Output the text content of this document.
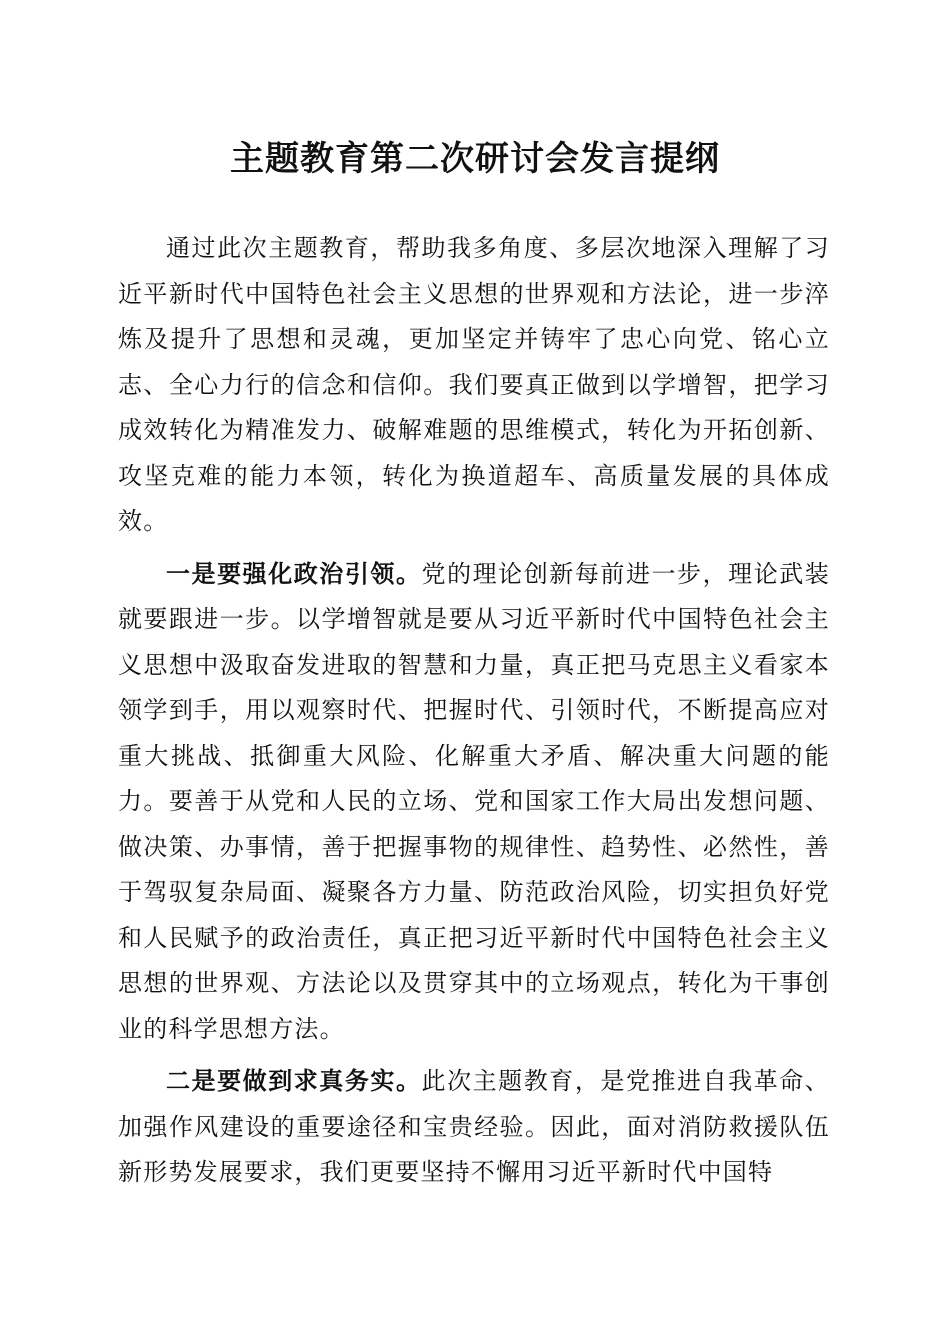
主题教育第二次研讨会发言提纲

通过此次主题教育，帮助我多角度、多层次地深入理解了习近平新时代中国特色社会主义思想的世界观和方法论，进一步淬炼及提升了思想和灵魂，更加坚定并铸牢了忠心向党、铭心立志、全心力行的信念和信仰。我们要真正做到以学增智，把学习成效转化为精准发力、破解难题的思维模式，转化为开拓创新、攻坚克难的能力本领，转化为换道超车、高质量发展的具体成效。

一是要强化政治引领。党的理论创新每前进一步，理论武装就要跟进一步。以学增智就是要从习近平新时代中国特色社会主义思想中汲取奋发进取的智慧和力量，真正把马克思主义看家本领学到手，用以观察时代、把握时代、引领时代，不断提高应对重大挑战、抵御重大风险、化解重大矛盾、解决重大问题的能力。要善于从党和人民的立场、党和国家工作大局出发想问题、做决策、办事情，善于把握事物的规律性、趋势性、必然性，善于驾驭复杂局面、凝聚各方力量、防范政治风险，切实担负好党和人民赋予的政治责任，真正把习近平新时代中国特色社会主义思想的世界观、方法论以及贯穿其中的立场观点，转化为干事创业的科学思想方法。

二是要做到求真务实。此次主题教育，是党推进自我革命、加强作风建设的重要途径和宝贵经验。因此，面对消防救援队伍新形势发展要求，我们更要坚持不懈用习近平新时代中国特
